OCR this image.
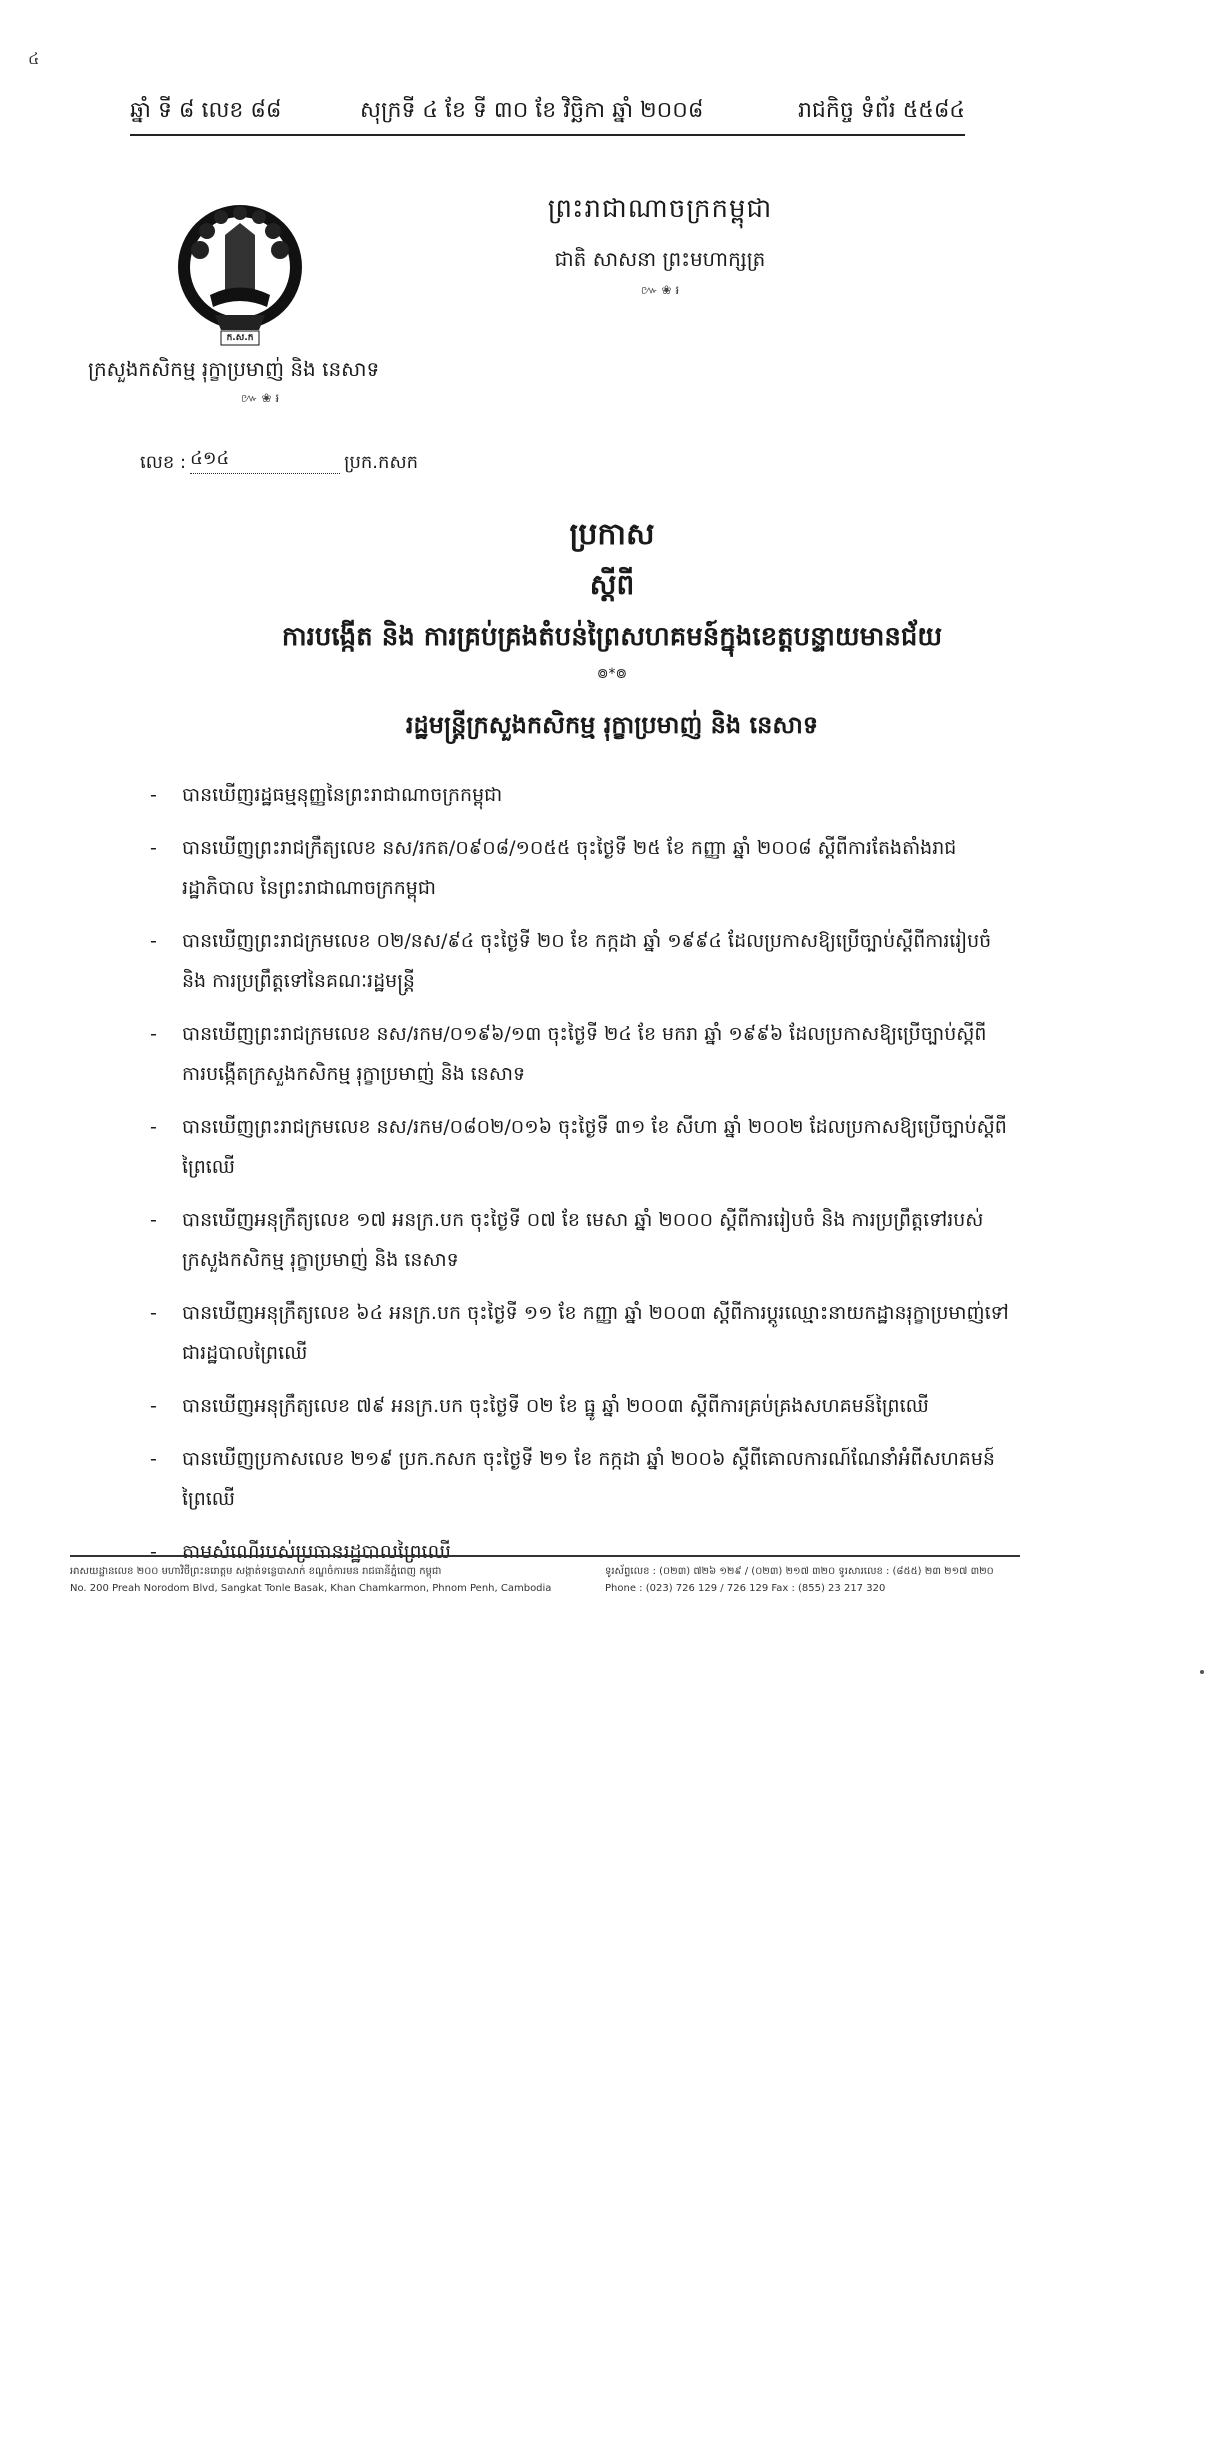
៤
ឆ្នាំ ទី ៨ លេខ ៨៨	សុក្រទី ៤ ខែ ទី ៣០ ខែ វិច្ឆិកា ឆ្នាំ ២០០៨	រាជកិច្ច ទំព័រ ៥៥៨៤
ក.ស.ក
ព្រះរាជាណាចក្រកម្ពុជា
ជាតិ សាសនា ព្រះមហាក្សត្រ
៚ ❀ ៛
ក្រសួងកសិកម្ម រុក្ខាប្រមាញ់ និង នេសាទ
៚ ❀ ៛
លេខ : ៤១៤	ប្រក.កសក
ប្រកាស
ស្តីពី
ការបង្កើត និង ការគ្រប់គ្រងតំបន់ព្រៃសហគមន៍ក្នុងខេត្តបន្ទាយមានជ័យ
៙*៙
រដ្ឋមន្ត្រីក្រសួងកសិកម្ម រុក្ខាប្រមាញ់ និង នេសាទ
- បានឃើញរដ្ឋធម្មនុញ្ញនៃព្រះរាជាណាចក្រកម្ពុជា
- បានឃើញព្រះរាជក្រឹត្យលេខ នស/រកត/០៩០៨/១០៥៥ ចុះថ្ងៃទី ២៥ ខែ កញ្ញា ឆ្នាំ ២០០៨ ស្តីពីការតែងតាំងរាជរដ្ឋាភិបាល នៃព្រះរាជាណាចក្រកម្ពុជា
- បានឃើញព្រះរាជក្រមលេខ ០២/នស/៩៤ ចុះថ្ងៃទី ២០ ខែ កក្កដា ឆ្នាំ ១៩៩៤ ដែលប្រកាសឱ្យប្រើច្បាប់ស្តីពីការរៀបចំ និង ការប្រព្រឹត្តទៅនៃគណៈរដ្ឋមន្ត្រី
- បានឃើញព្រះរាជក្រមលេខ នស/រកម/០១៩៦/១៣ ចុះថ្ងៃទី ២៤ ខែ មករា ឆ្នាំ ១៩៩៦ ដែលប្រកាសឱ្យប្រើច្បាប់ស្តីពីការបង្កើតក្រសួងកសិកម្ម រុក្ខាប្រមាញ់ និង នេសាទ
- បានឃើញព្រះរាជក្រមលេខ នស/រកម/០៨០២/០១៦ ចុះថ្ងៃទី ៣១ ខែ សីហា ឆ្នាំ ២០០២ ដែលប្រកាសឱ្យប្រើច្បាប់ស្តីពីព្រៃឈើ
- បានឃើញអនុក្រឹត្យលេខ ១៧ អនក្រ.បក ចុះថ្ងៃទី ០៧ ខែ មេសា ឆ្នាំ ២០០០ ស្តីពីការរៀបចំ និង ការប្រព្រឹត្តទៅរបស់ក្រសួងកសិកម្ម រុក្ខាប្រមាញ់ និង នេសាទ
- បានឃើញអនុក្រឹត្យលេខ ៦៤ អនក្រ.បក ចុះថ្ងៃទី ១១ ខែ កញ្ញា ឆ្នាំ ២០០៣ ស្តីពីការប្តូរឈ្មោះនាយកដ្ឋានរុក្ខាប្រមាញ់ទៅជារដ្ឋបាលព្រៃឈើ
- បានឃើញអនុក្រឹត្យលេខ ៧៩ អនក្រ.បក ចុះថ្ងៃទី ០២ ខែ ធ្នូ ឆ្នាំ ២០០៣ ស្តីពីការគ្រប់គ្រងសហគមន៍ព្រៃឈើ
- បានឃើញប្រកាសលេខ ២១៩ ប្រក.កសក ចុះថ្ងៃទី ២១ ខែ កក្កដា ឆ្នាំ ២០០៦ ស្តីពីគោលការណ៍ណែនាំអំពីសហគមន៍ព្រៃឈើ
- តាមសំណើរបស់ប្រធានរដ្ឋបាលព្រៃឈើ
អាសយដ្ឋានលេខ ២០០ មហាវិថីព្រះនរោត្តម សង្កាត់ទន្លេបាសាក់ ខណ្ឌចំការមន រាជធានីភ្នំពេញ កម្ពុជា
No. 200 Preah Norodom Blvd, Sangkat Tonle Basak, Khan Chamkarmon, Phnom Penh, Cambodia
ទូរស័ព្ទលេខ : (០២៣) ៧២៦ ១២៩ / (០២៣) ២១៧ ៣២០ ទូរសារលេខ : (៨៥៥) ២៣ ២១៧ ៣២០
Phone : (023) 726 129 / 726 129 Fax : (855) 23 217 320
